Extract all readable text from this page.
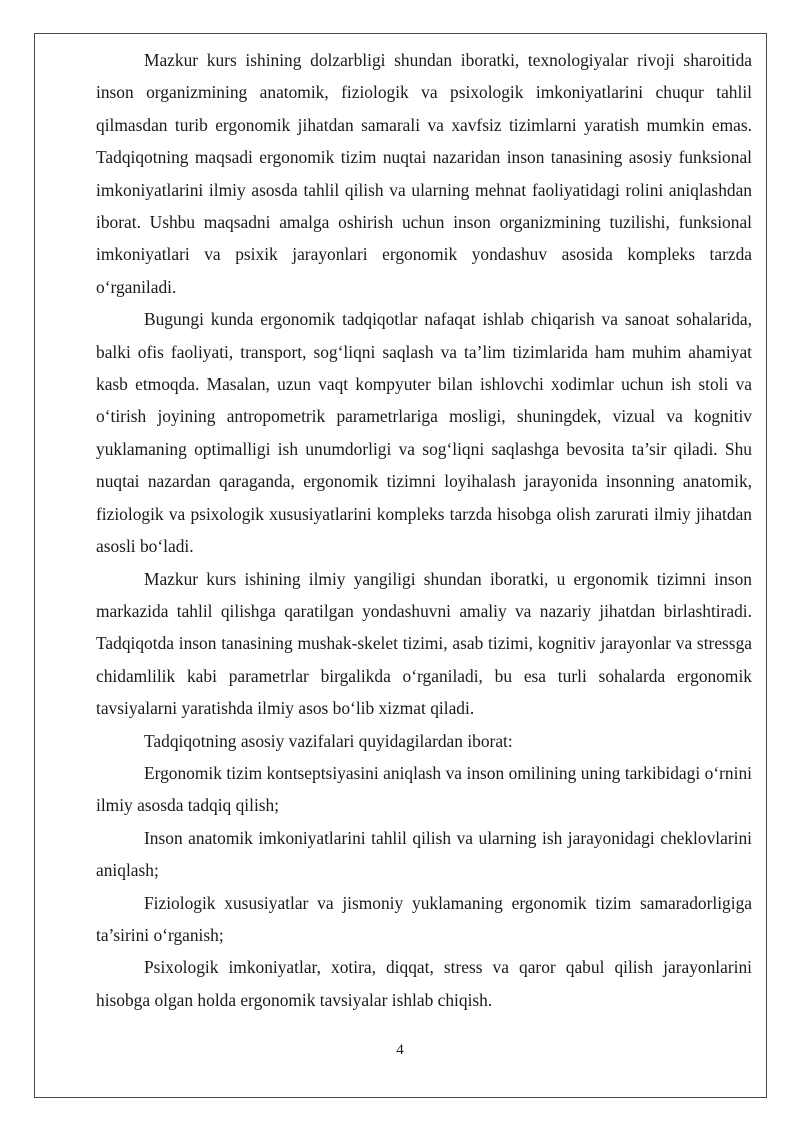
Mazkur kurs ishining dolzarbligi shundan iboratki, texnologiyalar rivoji sharoitida inson organizmining anatomik, fiziologik va psixologik imkoniyatlarini chuqur tahlil qilmasdan turib ergonomik jihatdan samarali va xavfsiz tizimlarni yaratish mumkin emas. Tadqiqotning maqsadi ergonomik tizim nuqtai nazaridan inson tanasining asosiy funksional imkoniyatlarini ilmiy asosda tahlil qilish va ularning mehnat faoliyatidagi rolini aniqlashdan iborat. Ushbu maqsadni amalga oshirish uchun inson organizmining tuzilishi, funksional imkoniyatlari va psixik jarayonlari ergonomik yondashuv asosida kompleks tarzda o‘rganiladi.

Bugungi kunda ergonomik tadqiqotlar nafaqat ishlab chiqarish va sanoat sohalarida, balki ofis faoliyati, transport, sog‘liqni saqlash va ta’lim tizimlarida ham muhim ahamiyat kasb etmoqda. Masalan, uzun vaqt kompyuter bilan ishlovchi xodimlar uchun ish stoli va o‘tirish joyining antropometrik parametrlariga mosligi, shuningdek, vizual va kognitiv yuklamaning optimalligi ish unumdorligi va sog‘liqni saqlashga bevosita ta’sir qiladi. Shu nuqtai nazardan qaraganda, ergonomik tizimni loyihalash jarayonida insonning anatomik, fiziologik va psixologik xususiyatlarini kompleks tarzda hisobga olish zarurati ilmiy jihatdan asosli bo‘ladi.

Mazkur kurs ishining ilmiy yangiligi shundan iboratki, u ergonomik tizimni inson markazida tahlil qilishga qaratilgan yondashuvni amaliy va nazariy jihatdan birlashtiradi. Tadqiqotda inson tanasining mushak-skelet tizimi, asab tizimi, kognitiv jarayonlar va stressga chidamlilik kabi parametrlar birgalikda o‘rganiladi, bu esa turli sohalarda ergonomik tavsiyalarni yaratishda ilmiy asos bo‘lib xizmat qiladi.

Tadqiqotning asosiy vazifalari quyidagilardan iborat:

Ergonomik tizim kontseptsiyasini aniqlash va inson omilining uning tarkibidagi o‘rnini ilmiy asosda tadqiq qilish;

Inson anatomik imkoniyatlarini tahlil qilish va ularning ish jarayonidagi cheklovlarini aniqlash;

Fiziologik xususiyatlar va jismoniy yuklamaning ergonomik tizim samaradorligiga ta’sirini o‘rganish;

Psixologik imkoniyatlar, xotira, diqqat, stress va qaror qabul qilish jarayonlarini hisobga olgan holda ergonomik tavsiyalar ishlab chiqish.

4
